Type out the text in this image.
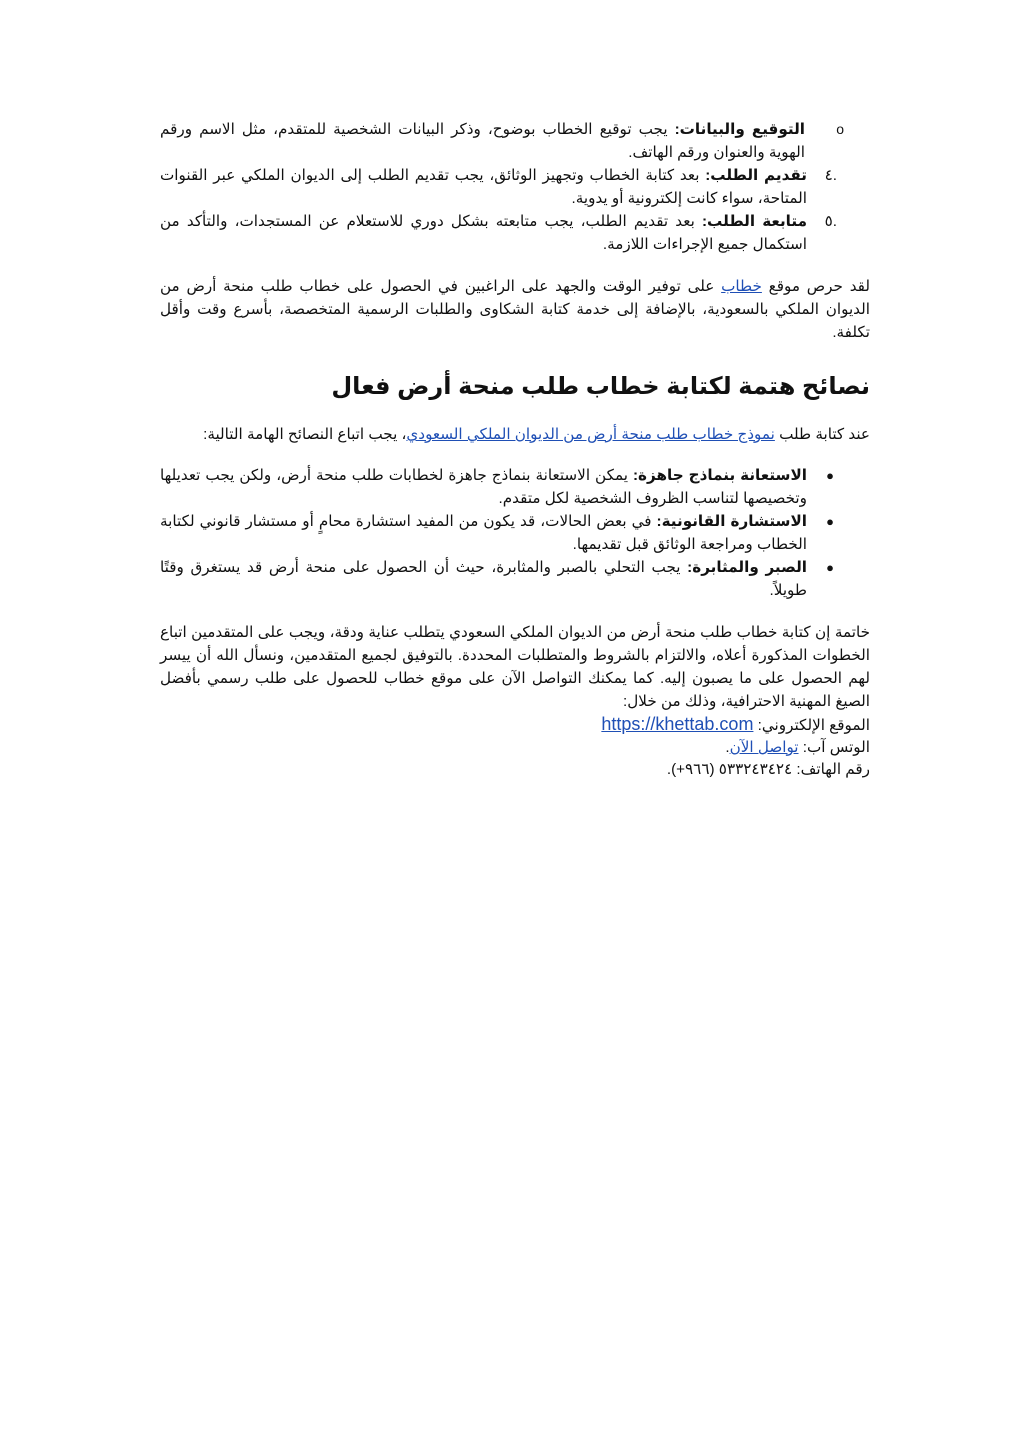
o
التوقيع والبيانات: يجب توقيع الخطاب بوضوح، وذكر البيانات الشخصية للمتقدم، مثل الاسم ورقم الهوية والعنوان ورقم الهاتف.
.٤
تقديم الطلب: بعد كتابة الخطاب وتجهيز الوثائق، يجب تقديم الطلب إلى الديوان الملكي عبر القنوات المتاحة، سواء كانت إلكترونية أو يدوية.
.٥
متابعة الطلب: بعد تقديم الطلب، يجب متابعته بشكل دوري للاستعلام عن المستجدات، والتأكد من استكمال جميع الإجراءات اللازمة.

لقد حرص موقع خطاب على توفير الوقت والجهد على الراغبين في الحصول على خطاب طلب منحة أرض من الديوان الملكي بالسعودية، بالإضافة إلى خدمة كتابة الشكاوى والطلبات الرسمية المتخصصة، بأسرع وقت وأقل تكلفة.

نصائح هتمة لكتابة خطاب طلب منحة أرض فعال

عند كتابة طلب نموذج خطاب طلب منحة أرض من الديوان الملكي السعودي، يجب اتباع النصائح الهامة التالية:

●
الاستعانة بنماذج جاهزة: يمكن الاستعانة بنماذج جاهزة لخطابات طلب منحة أرض، ولكن يجب تعديلها وتخصيصها لتناسب الظروف الشخصية لكل متقدم.
●
الاستشارة القانونية: في بعض الحالات، قد يكون من المفيد استشارة محامٍ أو مستشار قانوني لكتابة الخطاب ومراجعة الوثائق قبل تقديمها.
●
الصبر والمثابرة: يجب التحلي بالصبر والمثابرة، حيث أن الحصول على منحة أرض قد يستغرق وقتًا طويلاً.

خاتمة إن كتابة خطاب طلب منحة أرض من الديوان الملكي السعودي يتطلب عناية ودقة، ويجب على المتقدمين اتباع الخطوات المذكورة أعلاه، والالتزام بالشروط والمتطلبات المحددة. بالتوفيق لجميع المتقدمين، ونسأل الله أن ييسر لهم الحصول على ما يصبون إليه. كما يمكنك التواصل الآن على موقع خطاب للحصول على طلب رسمي بأفضل الصيغ المهنية الاحترافية، وذلك من خلال:

الموقع الإلكتروني: https://khettab.com
الوتس آب: تواصل الآن.
رقم الهاتف: ٥٣٣٢٤٣٤٢٤ (٩٦٦+).
